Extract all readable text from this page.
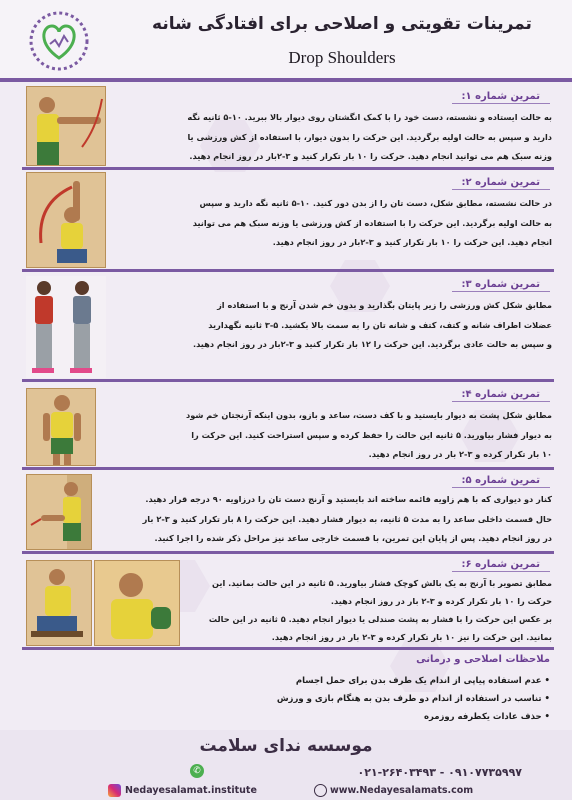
تمرینات تقویتی و اصلاحی برای افتادگی شانه
Drop Shoulders
تمرین شماره ۱:
به حالت ایستاده و نشسته، دست خود را با کمک انگشتان روی دیوار بالا ببرید. ۱۰-۵ ثانیه نگه
دارید و سپس به حالت اولیه برگردید. این حرکت را بدون دیوار، با استفاده از کش ورزشی یا
وزنه سبک هم می توانید انجام دهید. حرکت را ۱۰ بار تکرار کنید و ۳-۲بار در روز انجام دهید.
تمرین شماره ۲:
در حالت نشسته، مطابق شکل، دست تان را از بدن دور کنید. ۱۰-۵ ثانیه نگه دارید و سپس
به حالت اولیه برگردید. این حرکت را با استفاده از کش ورزشی یا وزنه سبک هم می توانید
انجام دهید. این حرکت را ۱۰ بار تکرار کنید و ۳-۲بار در روز انجام دهید.
تمرین شماره ۳:
مطابق شکل کش ورزشی را زیر پایتان بگذارید و بدون خم شدن آرنج و با استفاده از
عضلات اطراف شانه و کتف، کتف و شانه تان را به سمت بالا بکشید. ۵-۳ ثانیه نگهدارید
و سپس به حالت عادی برگردید. این حرکت را ۱۲ بار تکرار کنید و ۳-۲بار در روز انجام دهید.
تمرین شماره ۴:
مطابق شکل پشت به دیوار بایستید و با کف دست، ساعد و بازو، بدون اینکه آرنجتان خم شود
به دیوار فشار بیاورید. ۵ ثانیه این حالت را حفظ کرده و سپس استراحت کنید. این حرکت را
۱۰ بار تکرار کرده و ۳-۲ بار در روز انجام دهید.
تمرین شماره ۵:
کنار دو دیواری که با هم زاویه قائمه ساخته اند بایستید و آرنج دست تان را درزاویه ۹۰ درجه قرار دهید.
حال قسمت داخلی ساعد را به مدت ۵ ثانیه، به دیوار فشار دهید. این حرکت را ۸ بار تکرار کنید و ۳-۲ بار
در روز انجام دهید. پس از پایان این تمرین، با قسمت خارجی ساعد نیز مراحل ذکر شده را اجرا کنید.
تمرین شماره ۶:
مطابق تصویر با آرنج به یک بالش کوچک فشار بیاورید. ۵ ثانیه در این حالت بمانید. این
حرکت را ۱۰ بار تکرار کرده و ۳-۲ بار در روز انجام دهید.
بر عکس این حرکت را با فشار به پشت صندلی یا دیوار انجام دهید. ۵ ثانیه در این حالت
بمانید. این حرکت را نیز ۱۰ بار تکرار کرده و ۳-۲ بار در روز انجام دهید.
ملاحظات اصلاحی و درمانی
• عدم استفاده پیاپی از اندام یک طرف بدن برای حمل اجسام
• تناسب در استفاده از اندام دو طرف بدن به هنگام بازی و ورزش
• حذف عادات یکطرفه روزمره
موسسه ندای سلامت
✆	۰۲۱-۲۶۴۰۳۴۹۳ - ۰۹۱۰۷۷۳۵۹۹۷
Nedayesalamat.institute	www.Nedayesalamats.com
